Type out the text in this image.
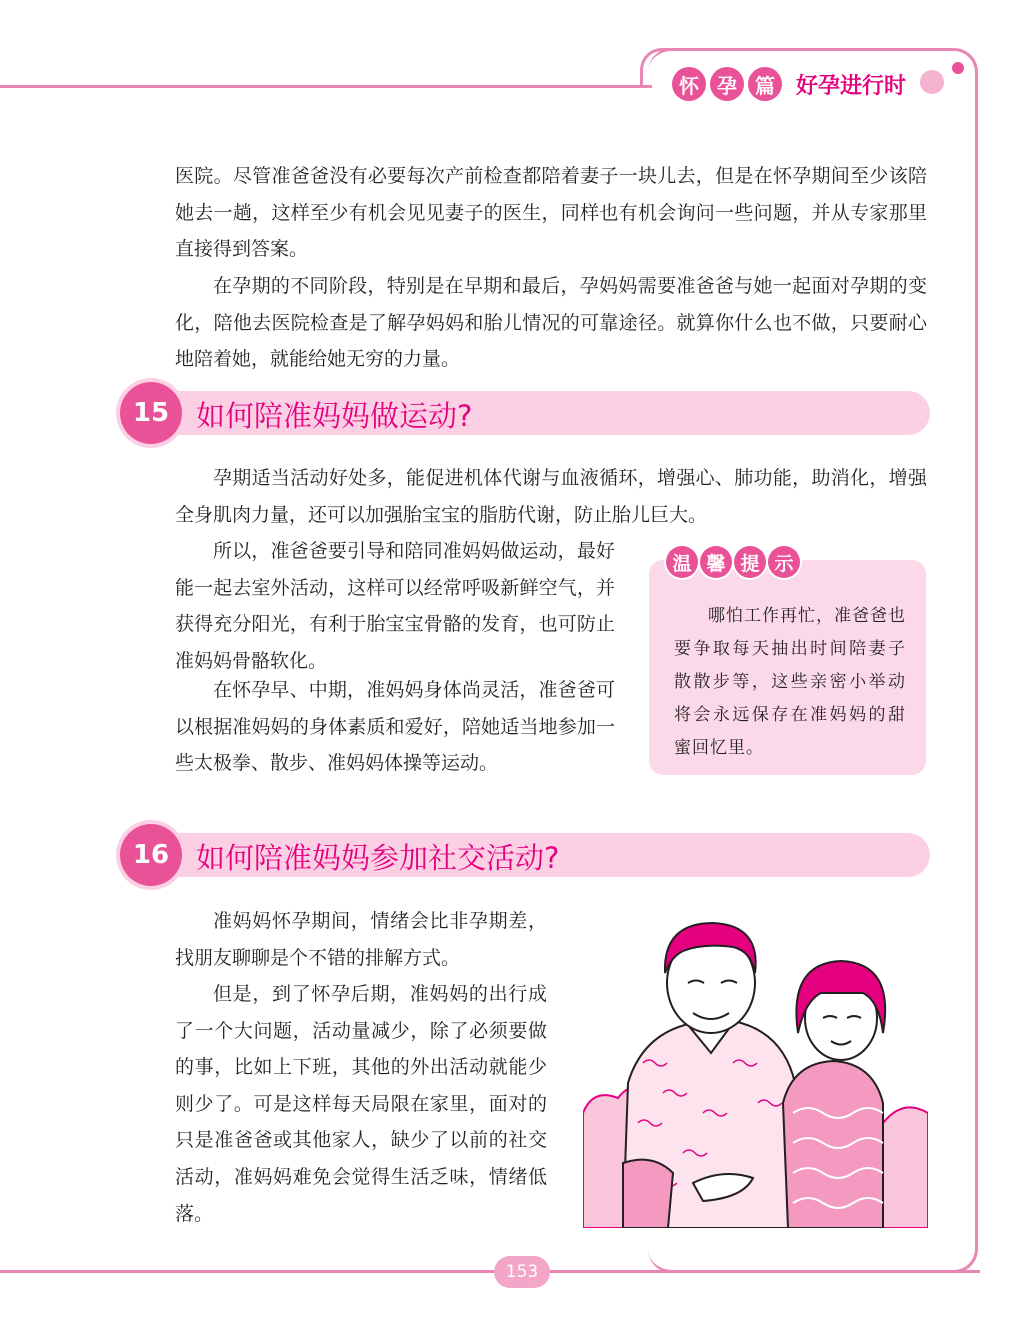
怀 孕 篇 好孕进行时
医院。尽管准爸爸没有必要每次产前检查都陪着妻子一块儿去，但是在怀孕期间至少该陪她去一趟，这样至少有机会见见妻子的医生，同样也有机会询问一些问题，并从专家那里直接得到答案。
在孕期的不同阶段，特别是在早期和最后，孕妈妈需要准爸爸与她一起面对孕期的变化，陪他去医院检查是了解孕妈妈和胎儿情况的可靠途径。就算你什么也不做，只要耐心地陪着她，就能给她无穷的力量。
15 如何陪准妈妈做运动?
孕期适当活动好处多，能促进机体代谢与血液循环，增强心、肺功能，助消化，增强全身肌肉力量，还可以加强胎宝宝的脂肪代谢，防止胎儿巨大。
所以，准爸爸要引导和陪同准妈妈做运动，最好能一起去室外活动，这样可以经常呼吸新鲜空气，并获得充分阳光，有利于胎宝宝骨骼的发育，也可防止准妈妈骨骼软化。
在怀孕早、中期，准妈妈身体尚灵活，准爸爸可以根据准妈妈的身体素质和爱好，陪她适当地参加一些太极拳、散步、准妈妈体操等运动。
温 馨 提 示
哪怕工作再忙，准爸爸也要争取每天抽出时间陪妻子散散步等，这些亲密小举动将会永远保存在准妈妈的甜蜜回忆里。
16 如何陪准妈妈参加社交活动?
准妈妈怀孕期间，情绪会比非孕期差，找朋友聊聊是个不错的排解方式。
但是，到了怀孕后期，准妈妈的出行成了一个大问题，活动量减少，除了必须要做的事，比如上下班，其他的外出活动就能少则少了。可是这样每天局限在家里，面对的只是准爸爸或其他家人，缺少了以前的社交活动，准妈妈难免会觉得生活乏味，情绪低落。
153
